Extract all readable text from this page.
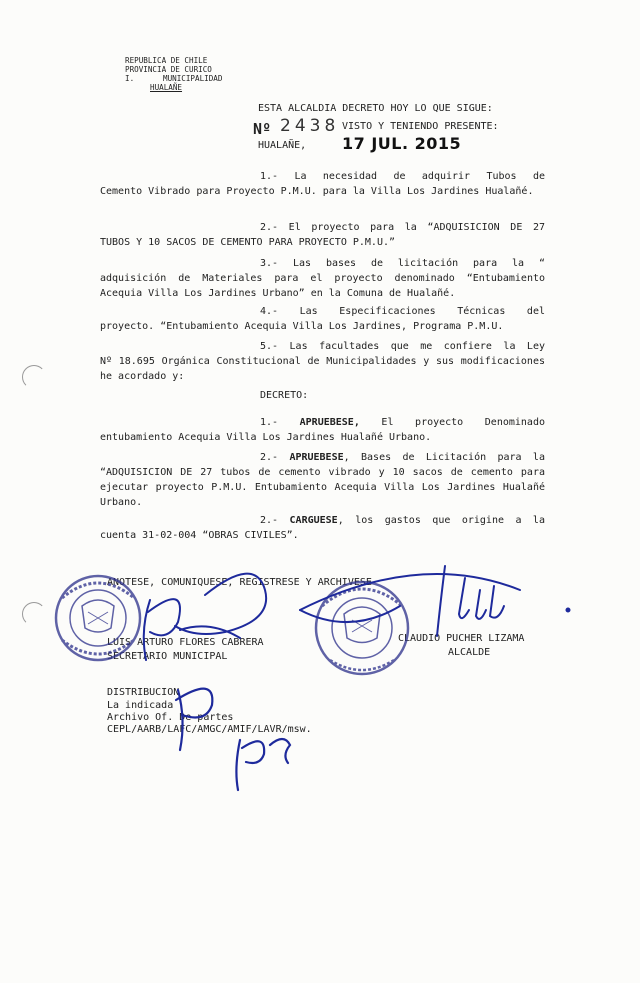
REPUBLICA DE CHILE
PROVINCIA DE CURICO
I.	MUNICIPALIDAD
HUALAÑE
ESTA ALCALDIA DECRETO HOY LO QUE SIGUE:
Nº 2438 VISTO Y TENIENDO PRESENTE:
HUALAÑE, 17 JUL. 2015
1.- La necesidad de adquirir Tubos de
Cemento Vibrado para Proyecto P.M.U. para la Villa Los Jardines Hualañé.
2.- El proyecto para la “ADQUISICION DE 27
TUBOS Y 10 SACOS DE CEMENTO PARA PROYECTO P.M.U.”
3.- Las bases de licitación para la “
adquisición de Materiales para el proyecto denominado “Entubamiento Acequia Villa Los Jardines Urbano” en la Comuna de Hualañé.
4.- Las Especificaciones Técnicas del
proyecto. “Entubamiento Acequia Villa Los Jardines, Programa P.M.U.
5.- Las facultades que me confiere la Ley
Nº 18.695 Orgánica Constitucional de Municipalidades y sus modificaciones he acordado y:
DECRETO:
1.- APRUEBESE, El proyecto Denominado
entubamiento Acequia Villa Los Jardines Hualañé Urbano.
2.- APRUEBESE, Bases de Licitación para la
“ADQUISICION DE 27 tubos de cemento vibrado y 10 sacos de cemento para ejecutar proyecto P.M.U. Entubamiento Acequia Villa Los Jardines Hualañé Urbano.
2.- CARGUESE, los gastos que origine a la
cuenta 31-02-004 “OBRAS CIVILES”.
ANOTESE, COMUNIQUESE, REGISTRESE Y ARCHIVESE
LUIS ARTURO FLORES CABRERA
SECRETARIO MUNICIPAL
CLAUDIO PUCHER LIZAMA
ALCALDE
DISTRIBUCION
La indicada
Archivo Of. De partes
CEPL/AARB/LAFC/AMGC/AMIF/LAVR/msw.
